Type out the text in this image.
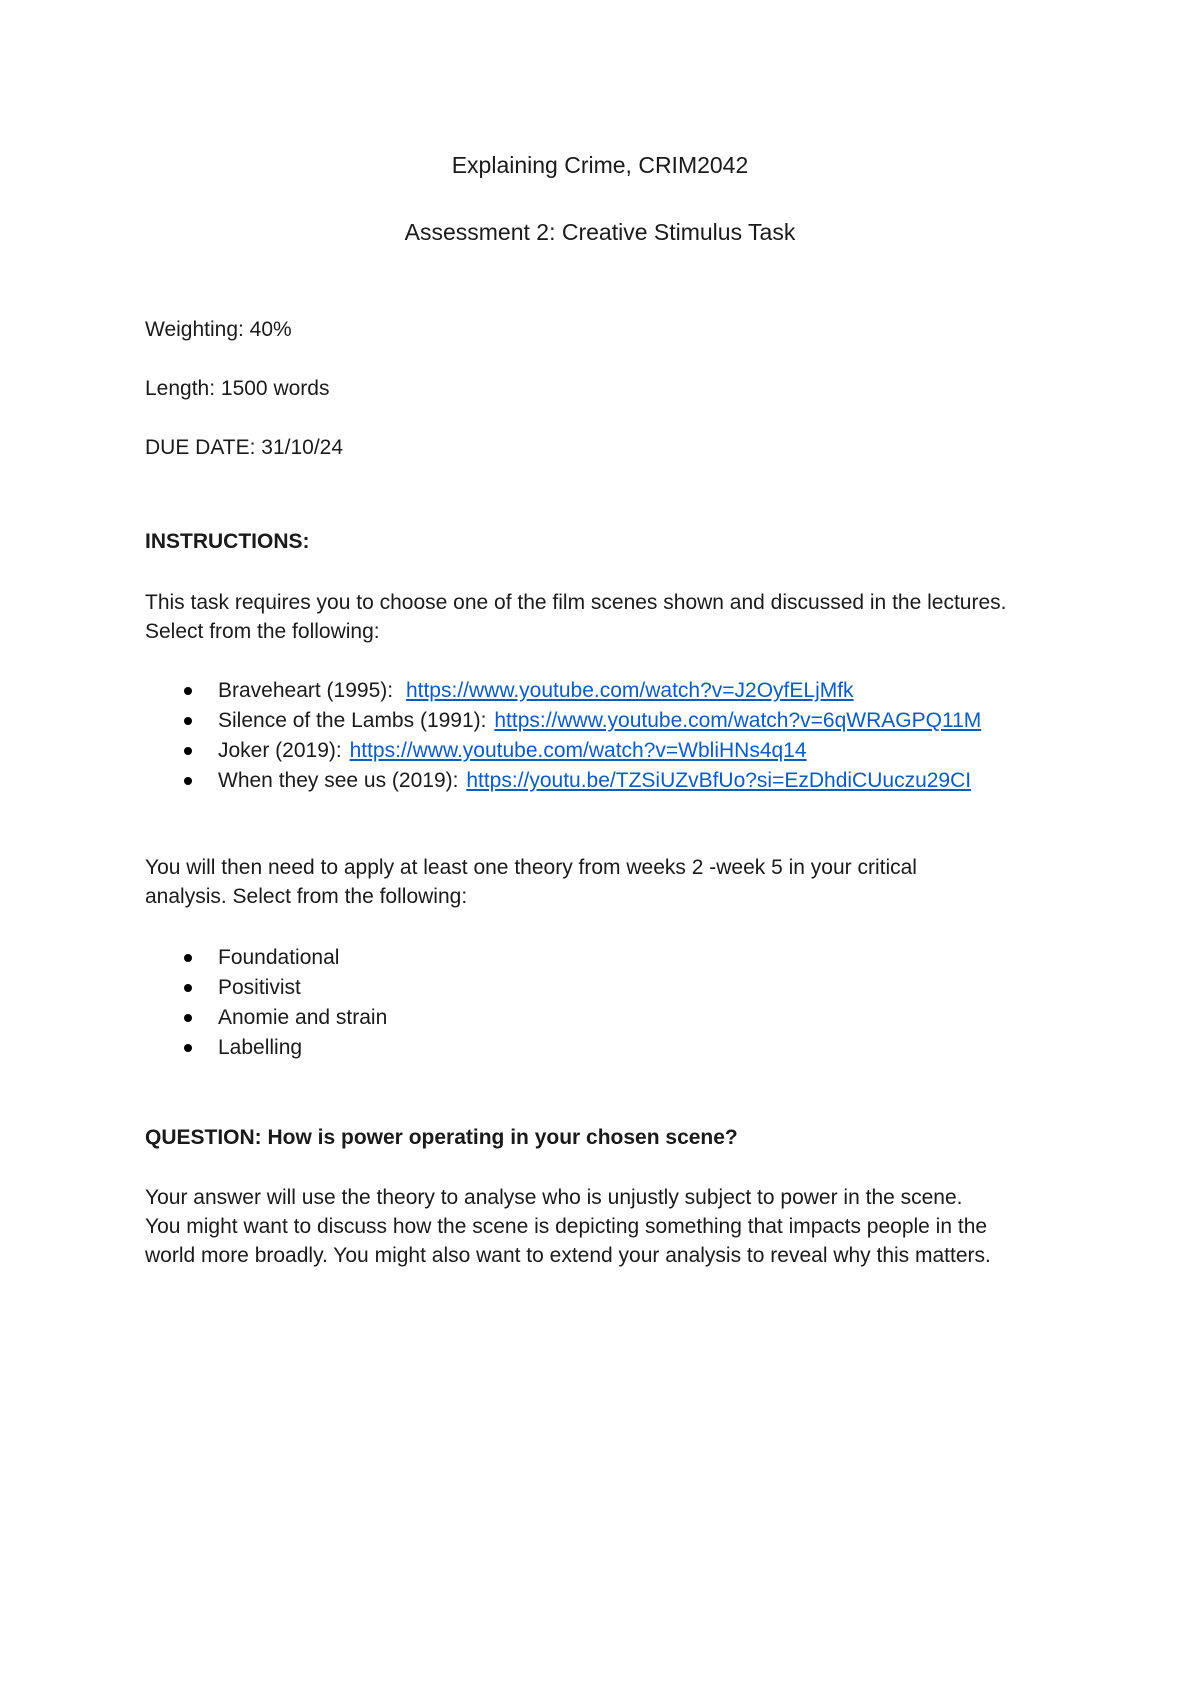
Explaining Crime, CRIM2042

Assessment 2: Creative Stimulus Task

Weighting: 40%

Length: 1500 words

DUE DATE: 31/10/24

INSTRUCTIONS:

This task requires you to choose one of the film scenes shown and discussed in the lectures.
Select from the following:
Braveheart (1995): https://www.youtube.com/watch?v=J2OyfELjMfk
Silence of the Lambs (1991): https://www.youtube.com/watch?v=6qWRAGPQ11M
Joker (2019): https://www.youtube.com/watch?v=WbliHNs4q14
When they see us (2019): https://youtu.be/TZSiUZvBfUo?si=EzDhdiCUuczu29CI
You will then need to apply at least one theory from weeks 2 -week 5 in your critical
analysis. Select from the following:
Foundational
Positivist
Anomie and strain
Labelling

QUESTION: How is power operating in your chosen scene?

Your answer will use the theory to analyse who is unjustly subject to power in the scene.
You might want to discuss how the scene is depicting something that impacts people in the
world more broadly. You might also want to extend your analysis to reveal why this matters.
